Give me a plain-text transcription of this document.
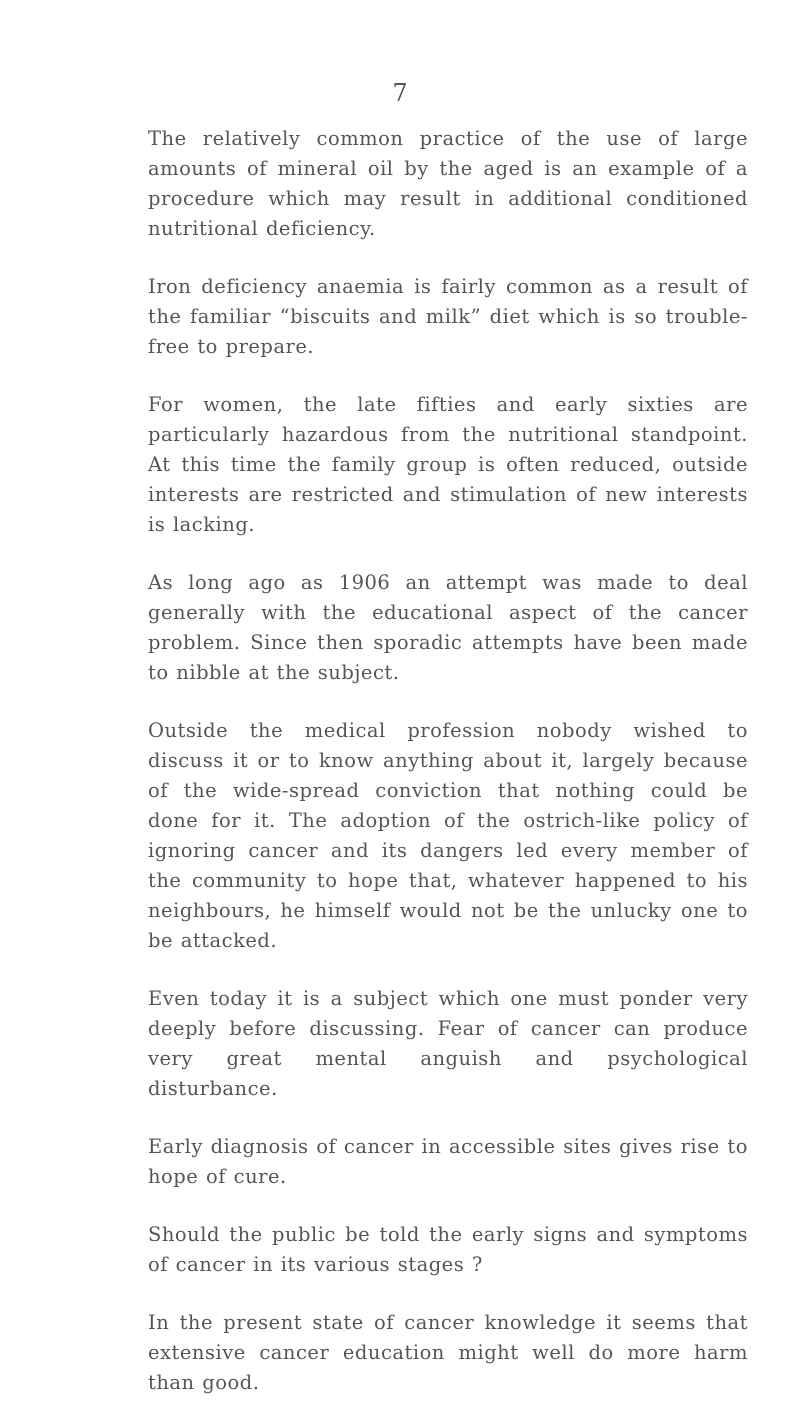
7

The relatively common practice of the use of large amounts of mineral oil by the aged is an example of a procedure which may result in additional conditioned nutritional deficiency.

Iron deficiency anaemia is fairly common as a result of the familiar “biscuits and milk” diet which is so trouble-free to prepare.

For women, the late fifties and early sixties are particularly hazardous from the nutritional standpoint. At this time the family group is often reduced, outside interests are restricted and stimulation of new interests is lacking.

As long ago as 1906 an attempt was made to deal generally with the educational aspect of the cancer problem. Since then sporadic attempts have been made to nibble at the subject.

Outside the medical profession nobody wished to discuss it or to know anything about it, largely because of the wide-spread conviction that nothing could be done for it. The adoption of the ostrich-like policy of ignoring cancer and its dangers led every member of the community to hope that, whatever happened to his neighbours, he himself would not be the unlucky one to be attacked.

Even today it is a subject which one must ponder very deeply before discussing. Fear of cancer can produce very great mental anguish and psychological disturbance.

Early diagnosis of cancer in accessible sites gives rise to hope of cure.

Should the public be told the early signs and symptoms of cancer in its various stages ?

In the present state of cancer knowledge it seems that extensive cancer education might well do more harm than good.
